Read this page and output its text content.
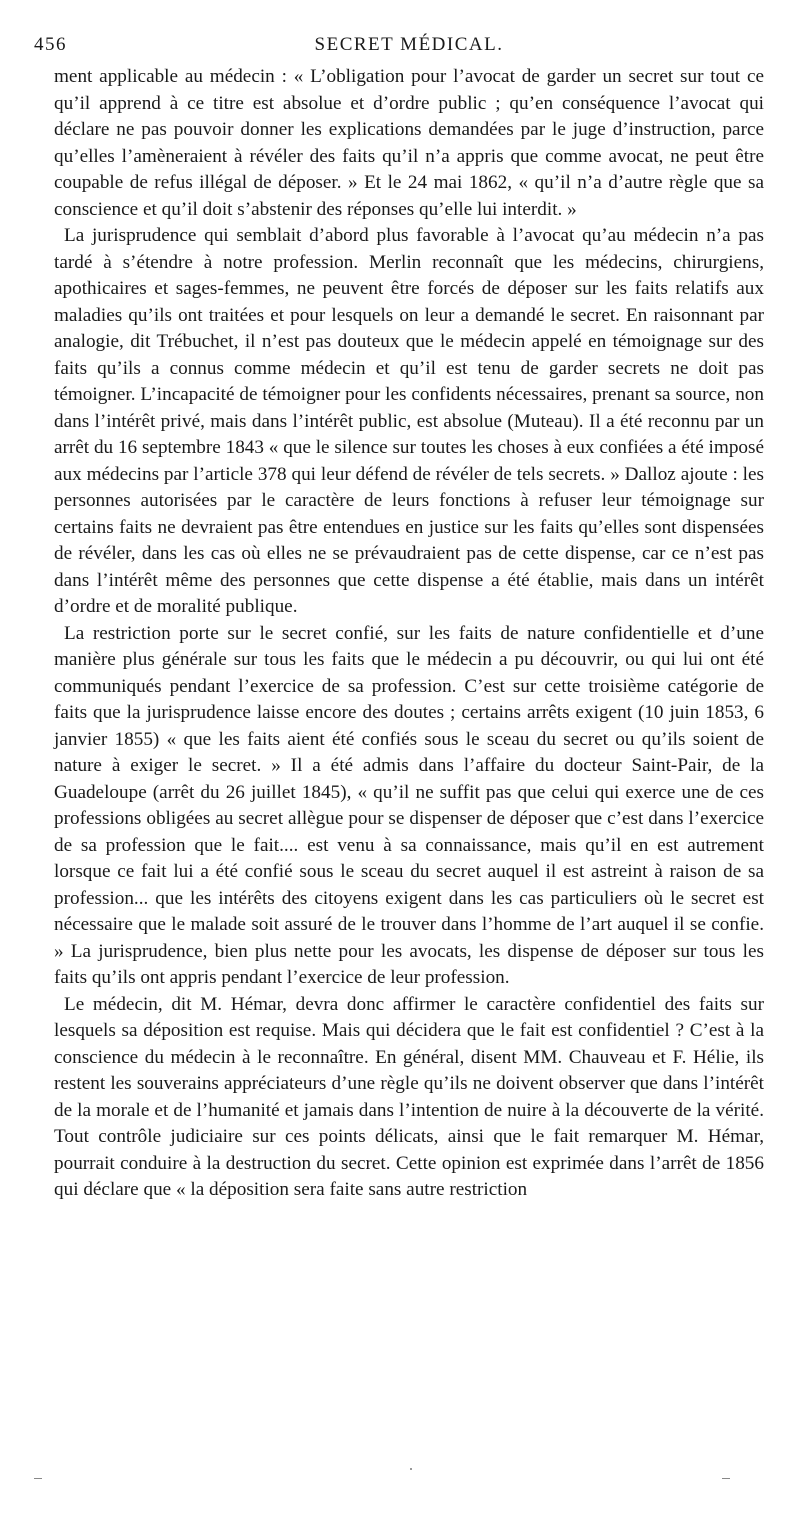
456	SECRET MÉDICAL.

ment applicable au médecin : « L’obligation pour l’avocat de garder un secret sur tout ce qu’il apprend à ce titre est absolue et d’ordre public ; qu’en conséquence l’avocat qui déclare ne pas pouvoir donner les explications demandées par le juge d’instruction, parce qu’elles l’amèneraient à révéler des faits qu’il n’a appris que comme avocat, ne peut être coupable de refus illégal de déposer. » Et le 24 mai 1862, « qu’il n’a d’autre règle que sa conscience et qu’il doit s’abstenir des réponses qu’elle lui interdit. »

La jurisprudence qui semblait d’abord plus favorable à l’avocat qu’au médecin n’a pas tardé à s’étendre à notre profession. Merlin reconnaît que les médecins, chirurgiens, apothicaires et sages-femmes, ne peuvent être forcés de déposer sur les faits relatifs aux maladies qu’ils ont traitées et pour lesquels on leur a demandé le secret. En raisonnant par analogie, dit Trébuchet, il n’est pas douteux que le médecin appelé en témoignage sur des faits qu’ils a connus comme médecin et qu’il est tenu de garder secrets ne doit pas témoigner. L’incapacité de témoigner pour les confidents nécessaires, prenant sa source, non dans l’intérêt privé, mais dans l’intérêt public, est absolue (Muteau). Il a été reconnu par un arrêt du 16 septembre 1843 « que le silence sur toutes les choses à eux confiées a été imposé aux médecins par l’article 378 qui leur défend de révéler de tels secrets. » Dalloz ajoute : les personnes autorisées par le caractère de leurs fonctions à refuser leur témoignage sur certains faits ne devraient pas être entendues en justice sur les faits qu’elles sont dispensées de révéler, dans les cas où elles ne se prévaudraient pas de cette dispense, car ce n’est pas dans l’intérêt même des personnes que cette dispense a été établie, mais dans un intérêt d’ordre et de moralité publique.

La restriction porte sur le secret confié, sur les faits de nature confidentielle et d’une manière plus générale sur tous les faits que le médecin a pu découvrir, ou qui lui ont été communiqués pendant l’exercice de sa profession. C’est sur cette troisième catégorie de faits que la jurisprudence laisse encore des doutes ; certains arrêts exigent (10 juin 1853, 6 janvier 1855) « que les faits aient été confiés sous le sceau du secret ou qu’ils soient de nature à exiger le secret. » Il a été admis dans l’affaire du docteur Saint-Pair, de la Guadeloupe (arrêt du 26 juillet 1845), « qu’il ne suffit pas que celui qui exerce une de ces professions obligées au secret allègue pour se dispenser de déposer que c’est dans l’exercice de sa profession que le fait.... est venu à sa connaissance, mais qu’il en est autrement lorsque ce fait lui a été confié sous le sceau du secret auquel il est astreint à raison de sa profession... que les intérêts des citoyens exigent dans les cas particuliers où le secret est nécessaire que le malade soit assuré de le trouver dans l’homme de l’art auquel il se confie. » La jurisprudence, bien plus nette pour les avocats, les dispense de déposer sur tous les faits qu’ils ont appris pendant l’exercice de leur profession.

Le médecin, dit M. Hémar, devra donc affirmer le caractère confidentiel des faits sur lesquels sa déposition est requise. Mais qui décidera que le fait est confidentiel ? C’est à la conscience du médecin à le reconnaître. En général, disent MM. Chauveau et F. Hélie, ils restent les souverains appréciateurs d’une règle qu’ils ne doivent observer que dans l’intérêt de la morale et de l’humanité et jamais dans l’intention de nuire à la découverte de la vérité. Tout contrôle judiciaire sur ces points délicats, ainsi que le fait remarquer M. Hémar, pourrait conduire à la destruction du secret. Cette opinion est exprimée dans l’arrêt de 1856 qui déclare que « la déposition sera faite sans autre restriction
